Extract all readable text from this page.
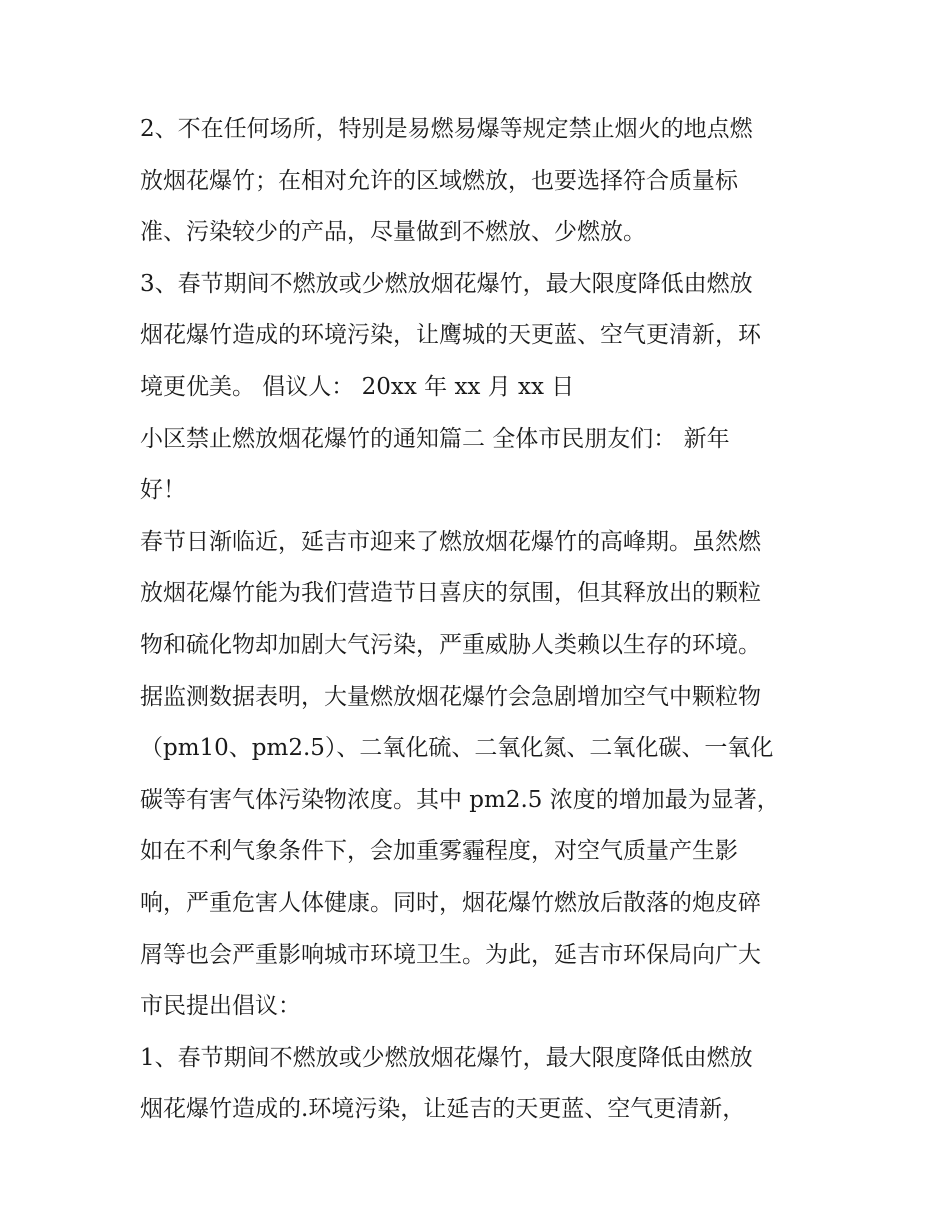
2、不在任何场所，特别是易燃易爆等规定禁止烟火的地点燃
放烟花爆竹；在相对允许的区域燃放，也要选择符合质量标
准、污染较少的产品，尽量做到不燃放、少燃放。
3、春节期间不燃放或少燃放烟花爆竹，最大限度降低由燃放
烟花爆竹造成的环境污染，让鹰城的天更蓝、空气更清新，环
境更优美。 倡议人： 20xx 年 xx 月 xx 日
小区禁止燃放烟花爆竹的通知篇二 全体市民朋友们： 新年
好！
春节日渐临近，延吉市迎来了燃放烟花爆竹的高峰期。虽然燃
放烟花爆竹能为我们营造节日喜庆的氛围，但其释放出的颗粒
物和硫化物却加剧大气污染，严重威胁人类赖以生存的环境。
据监测数据表明，大量燃放烟花爆竹会急剧增加空气中颗粒物
（pm10、pm2.5）、二氧化硫、二氧化氮、二氧化碳、一氧化
碳等有害气体污染物浓度。其中 pm2.5 浓度的增加最为显著，
如在不利气象条件下，会加重雾霾程度，对空气质量产生影
响，严重危害人体健康。同时，烟花爆竹燃放后散落的炮皮碎
屑等也会严重影响城市环境卫生。为此，延吉市环保局向广大
市民提出倡议：
1、春节期间不燃放或少燃放烟花爆竹，最大限度降低由燃放
烟花爆竹造成的.环境污染，让延吉的天更蓝、空气更清新，
